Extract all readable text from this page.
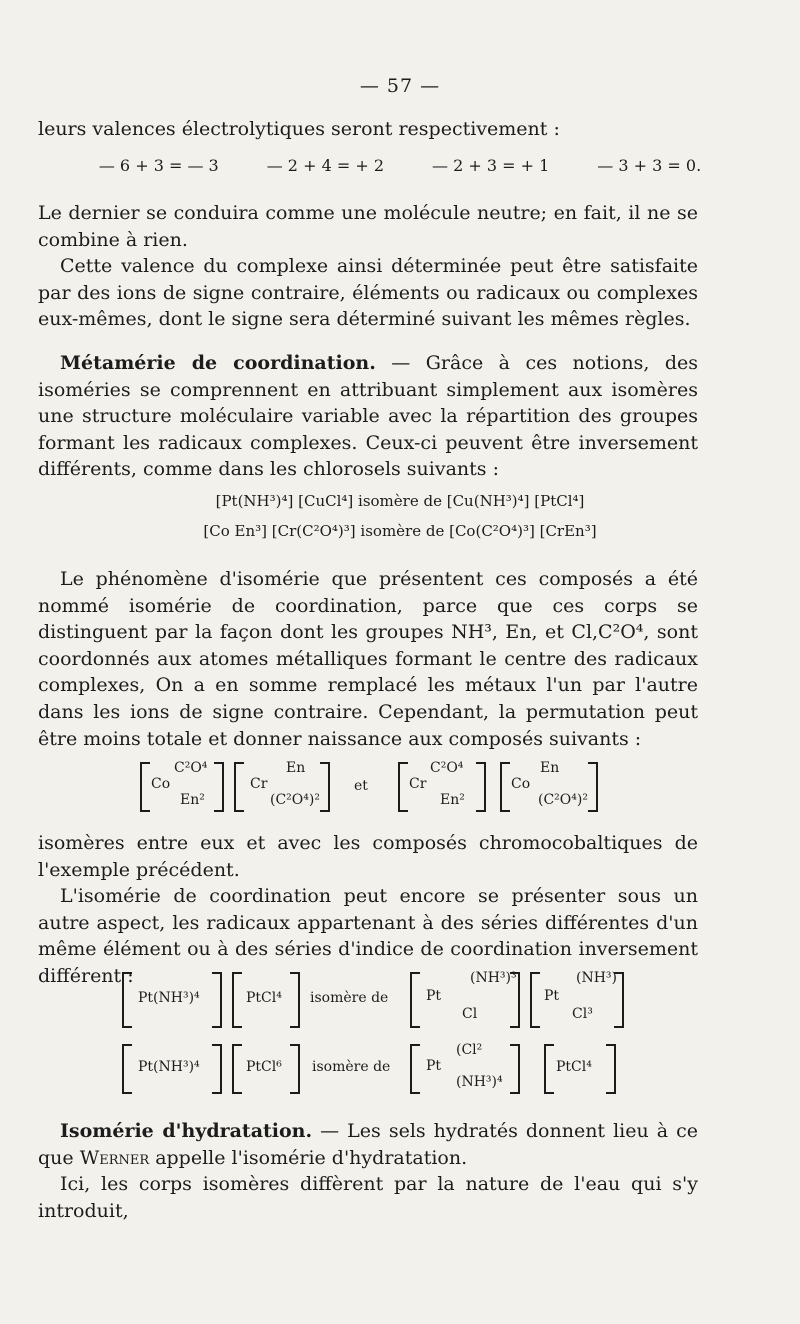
— 57 —

leurs valences électrolytiques seront respectivement :

— 6 + 3 = — 3	— 2 + 4 = + 2	— 2 + 3 = + 1	— 3 + 3 = 0.

Le dernier se conduira comme une molécule neutre; en fait, il ne se combine à rien.

Cette valence du complexe ainsi déterminée peut être satisfaite par des ions de signe contraire, éléments ou radicaux ou complexes eux-mêmes, dont le signe sera déterminé suivant les mêmes règles.

Métamérie de coordination. — Grâce à ces notions, des isoméries se comprennent en attribuant simplement aux isomères une structure moléculaire variable avec la répartition des groupes formant les radicaux complexes. Ceux-ci peuvent être inversement différents, comme dans les chlorosels suivants :

[Pt(NH³)⁴] [CuCl⁴] isomère de [Cu(NH³)⁴] [PtCl⁴]
[Co En³] [Cr(C²O⁴)³] isomère de [Co(C²O⁴)³] [CrEn³]

Le phénomène d'isomérie que présentent ces composés a été nommé isomérie de coordination, parce que ces corps se distinguent par la façon dont les groupes NH³, En, et Cl,C²O⁴, sont coordonnés aux atomes métalliques formant le centre des radicaux complexes, On a en somme remplacé les métaux l'un par l'autre dans les ions de signe contraire. Cependant, la permutation peut être moins totale et donner naissance aux composés suivants :

C²O⁴
Co
En²
En
Cr
(C²O⁴)²
et
C²O⁴
Cr
En²
En
Co
(C²O⁴)²

isomères entre eux et avec les composés chromocobaltiques de l'exemple précédent.

L'isomérie de coordination peut encore se présenter sous un autre aspect, les radicaux appartenant à des séries différentes d'un même élément ou à des séries d'indice de coordination inversement différent :

Pt(NH³)⁴	PtCl⁴ isomère de
(NH³)³
Pt
Cl
(NH³)
Pt
Cl³
Pt(NH³)⁴	PtCl⁶ isomère de
(Cl²
Pt
(NH³)⁴
PtCl⁴

Isomérie d'hydratation. — Les sels hydratés donnent lieu à ce que Werner appelle l'isomérie d'hydratation.

Ici, les corps isomères diffèrent par la nature de l'eau qui s'y introduit,
